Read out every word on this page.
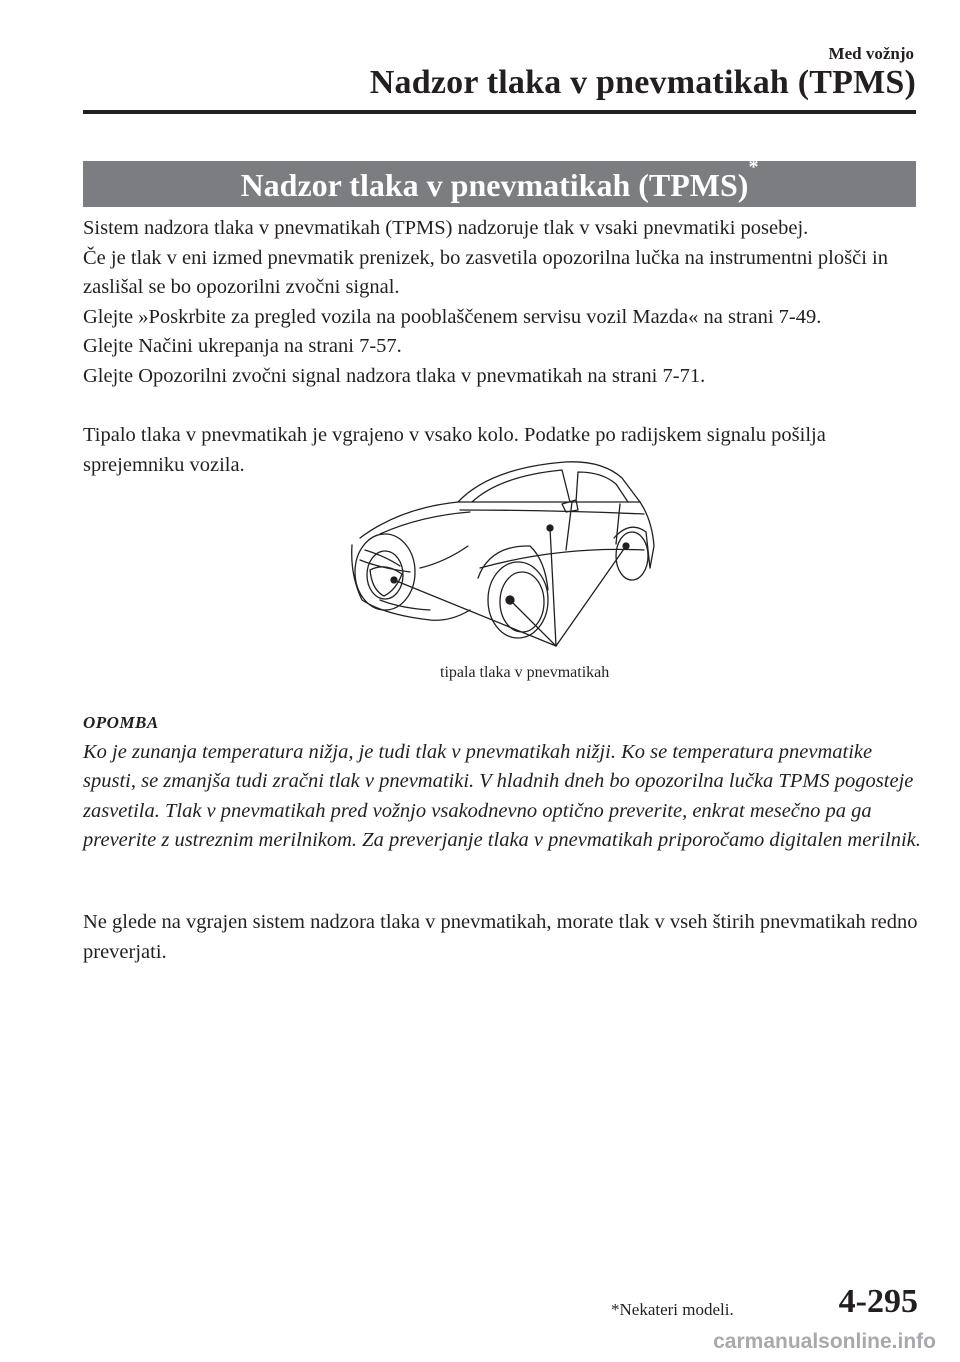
Med vožnjo
Nadzor tlaka v pnevmatikah (TPMS)
Nadzor tlaka v pnevmatikah (TPMS)*

Sistem nadzora tlaka v pnevmatikah (TPMS) nadzoruje tlak v vsaki pnevmatiki posebej.

Če je tlak v eni izmed pnevmatik prenizek, bo zasvetila opozorilna lučka na instrumentni plošči in zaslišal se bo opozorilni zvočni signal.

Glejte »Poskrbite za pregled vozila na pooblaščenem servisu vozil Mazda« na strani 7-49.

Glejte Načini ukrepanja na strani 7-57.

Glejte Opozorilni zvočni signal nadzora tlaka v pnevmatikah na strani 7-71.

Tipalo tlaka v pnevmatikah je vgrajeno v vsako kolo. Podatke po radijskem signalu pošilja sprejemniku vozila.

tipala tlaka v pnevmatikah
OPOMBA

Ko je zunanja temperatura nižja, je tudi tlak v pnevmatikah nižji. Ko se temperatura pnevmatike spusti, se zmanjša tudi zračni tlak v pnevmatiki. V hladnih dneh bo opozorilna lučka TPMS pogosteje zasvetila. Tlak v pnevmatikah pred vožnjo vsakodnevno optično preverite, enkrat mesečno pa ga preverite z ustreznim merilnikom. Za preverjanje tlaka v pnevmatikah priporočamo digitalen merilnik.

Ne glede na vgrajen sistem nadzora tlaka v pnevmatikah, morate tlak v vseh štirih pnevmatikah redno preverjati.

*Nekateri modeli.	4-295
carmanualsonline.info
